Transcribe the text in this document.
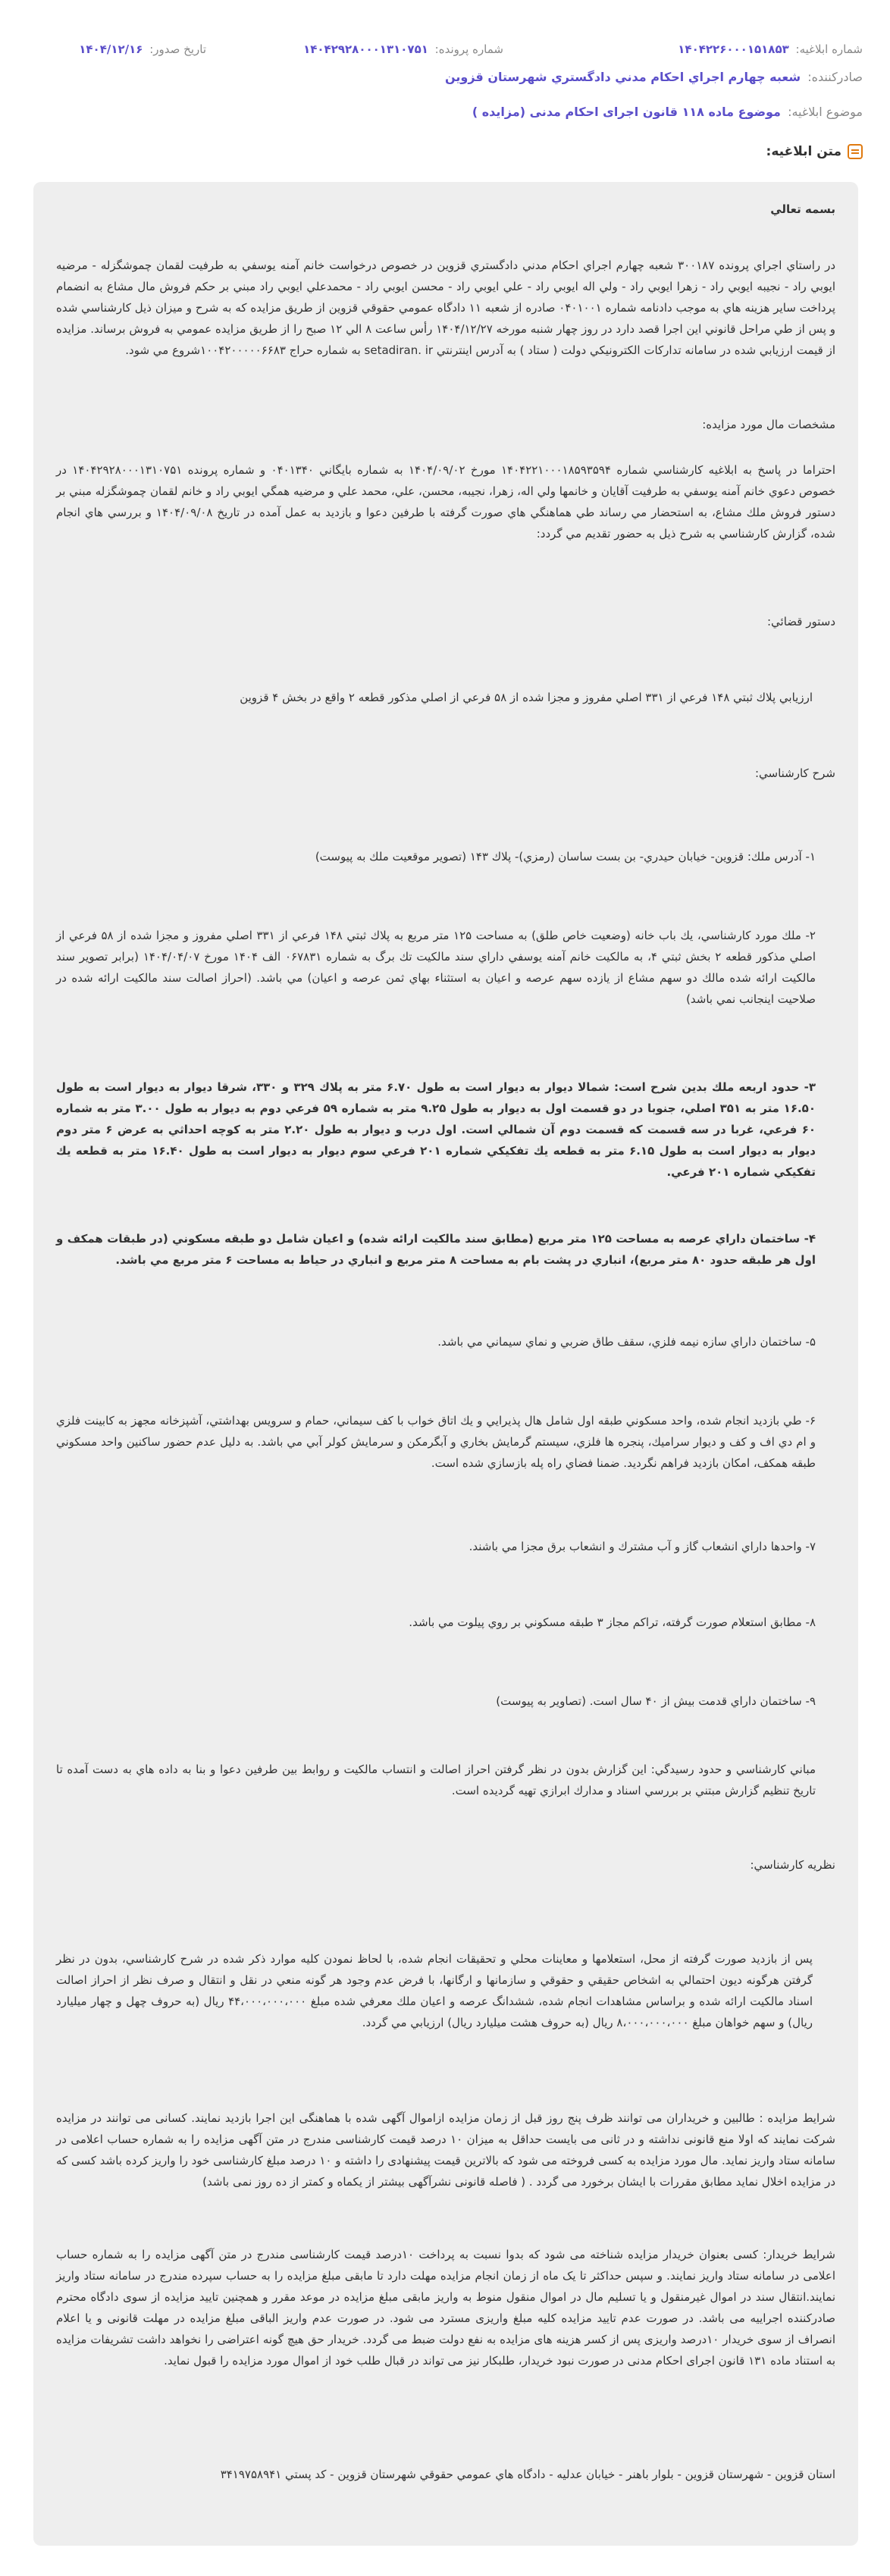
شماره ابلاغیه: ۱۴۰۴۲۲۶۰۰۰۱۵۱۸۵۳
شماره پرونده: ۱۴۰۴۲۹۲۸۰۰۰۱۳۱۰۷۵۱
تاریخ صدور: ۱۴۰۴/۱۲/۱۶
صادرکننده: شعبه چهارم اجراي احكام مدني دادگستري شهرستان قزوين
موضوع ابلاغیه: موضوع ماده ۱۱۸ قانون اجرای احکام مدنی (مزایده )
متن ابلاغیه:
بسمه تعالي
در راستاي اجراي پرونده ۳۰۰۱۸۷ شعبه چهارم اجراي احكام مدني دادگستري قزوين در خصوص درخواست خانم آمنه يوسفي به طرفيت لقمان چموشگزله - مرضيه ايوبي راد - نجيبه ايوبي راد - زهرا ايوبي راد - ولي اله ايوبي راد - علي ايوبي راد - محسن ايوبي راد - محمدعلي ايوبي راد مبني بر حكم فروش مال مشاع به انضمام پرداخت ساير هزينه هاي به موجب دادنامه شماره ۰۴۰۱۰۰۱ صادره از شعبه ۱۱ دادگاه عمومي حقوقي قزوين از طريق مزايده كه به شرح و ميزان ذيل كارشناسي شده و پس از طي مراحل قانوني اين اجرا قصد دارد در روز چهار شنبه مورخه ۱۴۰۴/۱۲/۲۷ رأس ساعت ۸ الي ۱۲ صبح را از طريق مزايده عمومي به فروش برساند. مزايده از قيمت ارزيابي شده در سامانه تداركات الكترونيكي دولت ( ستاد ) به آدرس اينترنتي setadiran. ir به شماره حراج ۱۰۰۴۲۰۰۰۰۰۶۶۸۳شروع مي شود.
مشخصات مال مورد مزايده:
احتراما در پاسخ به ابلاغيه كارشناسي شماره ۱۴۰۴۲۲۱۰۰۰۱۸۵۹۳۵۹۴ مورخ ۱۴۰۴/۰۹/۰۲ به شماره بايگاني ۰۴۰۱۳۴۰ و شماره پرونده ۱۴۰۴۲۹۲۸۰۰۰۱۳۱۰۷۵۱ در خصوص دعوي خانم آمنه يوسفي به طرفيت آقايان و خانمها ولي اله، زهرا، نجيبه، محسن، علي، محمد علي و مرضيه همگي ايوبي راد و خانم لقمان چموشگزله مبني بر دستور فروش ملك مشاع، به استحضار مي رساند طي هماهنگي هاي صورت گرفته با طرفين دعوا و بازديد به عمل آمده در تاريخ ۱۴۰۴/۰۹/۰۸ و بررسي هاي انجام شده، گزارش كارشناسي به شرح ذيل به حضور تقديم مي گردد:
دستور قضائي:
ارزيابي پلاك ثبتي ۱۴۸ فرعي از ۳۳۱ اصلي مفروز و مجزا شده از ۵۸ فرعي از اصلي مذكور قطعه ۲ واقع در بخش ۴ قزوين
شرح كارشناسي:
۱- آدرس ملك: قزوين- خيابان حيدري- بن بست ساسان (رمزي)- پلاك ۱۴۳ (تصوير موقعيت ملك به پيوست)
۲- ملك مورد كارشناسي، يك باب خانه (وضعيت خاص طلق) به مساحت ۱۲۵ متر مربع به پلاك ثبتي ۱۴۸ فرعي از ۳۳۱ اصلي مفروز و مجزا شده از ۵۸ فرعي از اصلي مذكور قطعه ۲ بخش ثبتي ۴، به مالكيت خانم آمنه يوسفي داراي سند مالكيت تك برگ به شماره ۰۶۷۸۳۱ الف ۱۴۰۴ مورخ ۱۴۰۴/۰۴/۰۷ (برابر تصوير سند مالكيت ارائه شده مالك دو سهم مشاع از يازده سهم عرصه و اعيان به استثناء بهاي ثمن عرصه و اعيان) مي باشد. (احراز اصالت سند مالكيت ارائه شده در صلاحيت اينجانب نمي باشد)
۳- حدود اربعه ملك بدين شرح است: شمالا ديوار به ديوار است به طول ۶.۷۰ متر به پلاك ۳۲۹ و ۳۳۰، شرقا ديوار به ديوار است به طول ۱۶.۵۰ متر به ۳۵۱ اصلي، جنوبا در دو قسمت اول به ديوار به طول ۹.۲۵ متر به شماره ۵۹ فرعي دوم به ديوار به طول ۳.۰۰ متر به شماره ۶۰ فرعي، غربا در سه قسمت كه قسمت دوم آن شمالي است. اول درب و ديوار به طول ۲.۲۰ متر به كوچه احداثي به عرض ۶ متر دوم ديوار به ديوار است به طول ۶.۱۵ متر به قطعه يك تفكيكي شماره ۲۰۱ فرعي سوم ديوار به ديوار است به طول ۱۶.۴۰ متر به قطعه يك تفكيكي شماره ۲۰۱ فرعي.
۴- ساختمان داراي عرصه به مساحت ۱۲۵ متر مربع (مطابق سند مالكيت ارائه شده) و اعيان شامل دو طبقه مسكوني (در طبقات همكف و اول هر طبقه حدود ۸۰ متر مربع)، انباري در پشت بام به مساحت ۸ متر مربع و انباري در حياط به مساحت ۶ متر مربع مي باشد.
۵- ساختمان داراي سازه نيمه فلزي، سقف طاق ضربي و نماي سيماني مي باشد.
۶- طي بازديد انجام شده، واحد مسكوني طبقه اول شامل هال پذيرايي و يك اتاق خواب با كف سيماني، حمام و سرويس بهداشتي، آشپزخانه مجهز به كابينت فلزي و ام دي اف و كف و ديوار سراميك، پنجره ها فلزي، سيستم گرمايش بخاري و آبگرمكن و سرمايش كولر آبي مي باشد. به دليل عدم حضور ساكنين واحد مسكوني طبقه همكف، امكان بازديد فراهم نگرديد. ضمنا فضاي راه پله بازسازي شده است.
۷- واحدها داراي انشعاب گاز و آب مشترك و انشعاب برق مجزا مي باشند.
۸- مطابق استعلام صورت گرفته، تراكم مجاز ۳ طبقه مسكوني بر روي پيلوت مي باشد.
۹- ساختمان داراي قدمت بيش از ۴۰ سال است. (تصاوير به پيوست)
مباني كارشناسي و حدود رسيدگي: اين گزارش بدون در نظر گرفتن احراز اصالت و انتساب مالكيت و روابط بين طرفين دعوا و بنا به داده هاي به دست آمده تا تاريخ تنظيم گزارش مبتني بر بررسي اسناد و مدارك ابرازي تهيه گرديده است.
نظريه كارشناسي:
پس از بازديد صورت گرفته از محل، استعلامها و معاينات محلي و تحقيقات انجام شده، با لحاظ نمودن كليه موارد ذكر شده در شرح كارشناسي، بدون در نظر گرفتن هرگونه ديون احتمالي به اشخاص حقيقي و حقوقي و سازمانها و ارگانها، با فرض عدم وجود هر گونه منعي در نقل و انتقال و صرف نظر از احراز اصالت اسناد مالكيت ارائه شده و براساس مشاهدات انجام شده، ششدانگ عرصه و اعيان ملك معرفي شده مبلغ ۴۴،۰۰۰،۰۰۰،۰۰۰ ريال (به حروف چهل و چهار ميليارد ريال) و سهم خواهان مبلغ ۸،۰۰۰،۰۰۰،۰۰۰ ريال (به حروف هشت ميليارد ريال) ارزيابي مي گردد.
شرایط مزایده : طالبین و خریداران می توانند ظرف پنج روز قبل از زمان مزایده ازاموال آگهی شده با هماهنگی این اجرا بازدید نمایند. کسانی می توانند در مزایده شرکت نمایند که اولا منع قانونی نداشته و در ثانی می بایست حداقل به میزان ۱۰ درصد قیمت کارشناسی مندرج در متن آگهی مزایده را به شماره حساب اعلامی در سامانه ستاد واریز نماید. مال مورد مزایده به کسی فروخته می شود که بالاترین قیمت پیشنهادی را داشته و ۱۰ درصد مبلغ کارشناسی خود را واریز کرده باشد کسی که در مزایده اخلال نماید مطابق مقررات با ایشان برخورد می گردد . ( فاصله قانونی نشرآگهی بیشتر از یکماه و کمتر از ده روز نمی باشد)
شرایط خریدار: کسی بعنوان خریدار مزایده شناخته می شود که بدوا نسبت به پرداخت ۱۰درصد قیمت کارشناسی مندرج در متن آگهی مزایده را به شماره حساب اعلامی در سامانه ستاد واریز نمایند. و سپس حداکثر تا یک ماه از زمان انجام مزایده مهلت دارد تا مابقی مبلغ مزایده را به حساب سپرده مندرج در سامانه ستاد واریز نمایند.انتقال سند در اموال غیرمنقول و یا تسلیم مال در اموال منقول منوط به واریز مابقی مبلغ مزایده در موعد مقرر و همچنین تایید مزایده از سوی دادگاه محترم صادرکننده اجراییه می باشد. در صورت عدم تایید مزایده کلیه مبلغ واریزی مسترد می شود. در صورت عدم واریز الباقی مبلغ مزایده در مهلت قانونی و یا اعلام انصراف از سوی خریدار ۱۰درصد واریزی پس از کسر هزینه های مزایده به نفع دولت ضبط می گردد. خریدار حق هیچ گونه اعتراضی را نخواهد داشت تشریفات مزایده به استناد ماده ۱۳۱ قانون اجرای احکام مدنی در صورت نبود خریدار، طلبکار نیز می تواند در قبال طلب خود از اموال مورد مزایده را قبول نماید.
استان قزوين - شهرستان قزوين - بلوار باهنر - خيابان عدليه - دادگاه هاي عمومي حقوقي شهرستان قزوين - كد پستي ۳۴۱۹۷۵۸۹۴۱
